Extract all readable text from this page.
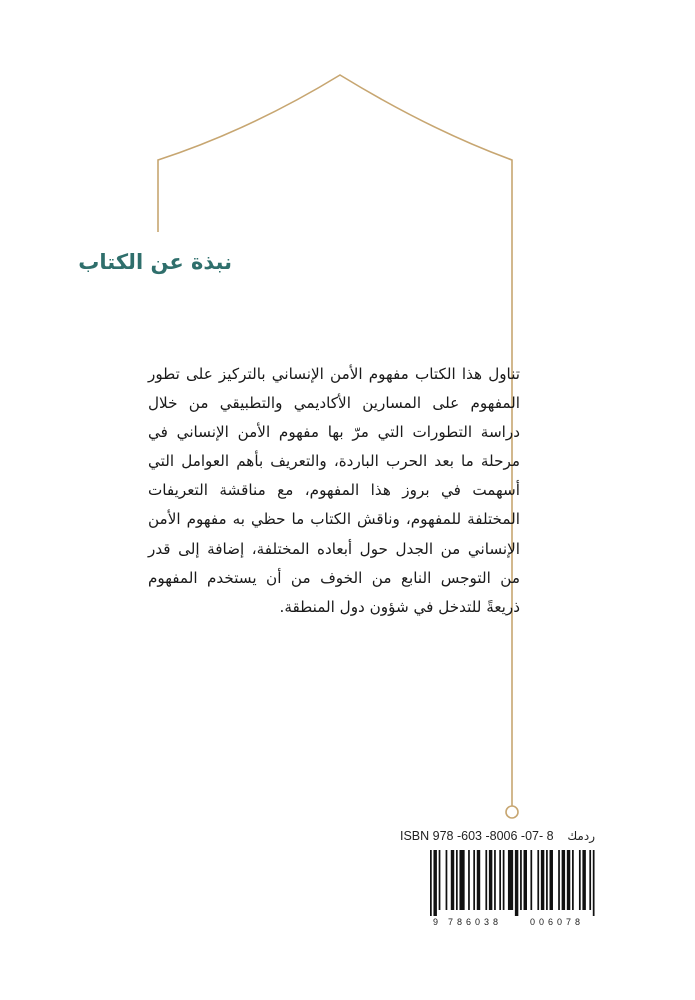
نبذة عن الكتاب

تناول هذا الكتاب مفهوم الأمن الإنساني بالتركيز على تطور المفهوم على المسارين الأكاديمي والتطبيقي من خلال دراسة التطورات التي مرّ بها مفهوم الأمن الإنساني في مرحلة ما بعد الحرب الباردة، والتعريف بأهم العوامل التي أسهمت في بروز هذا المفهوم، مع مناقشة التعريفات المختلفة للمفهوم، وناقش الكتاب ما حظي به مفهوم الأمن الإنساني من الجدل حول أبعاده المختلفة، إضافة إلى قدر من التوجس النابع من الخوف من أن يستخدم المفهوم ذريعةً للتدخل في شؤون دول المنطقة.

ISBN 978 -603 -8006 -07- 8 ردمك
9 786038	006078
